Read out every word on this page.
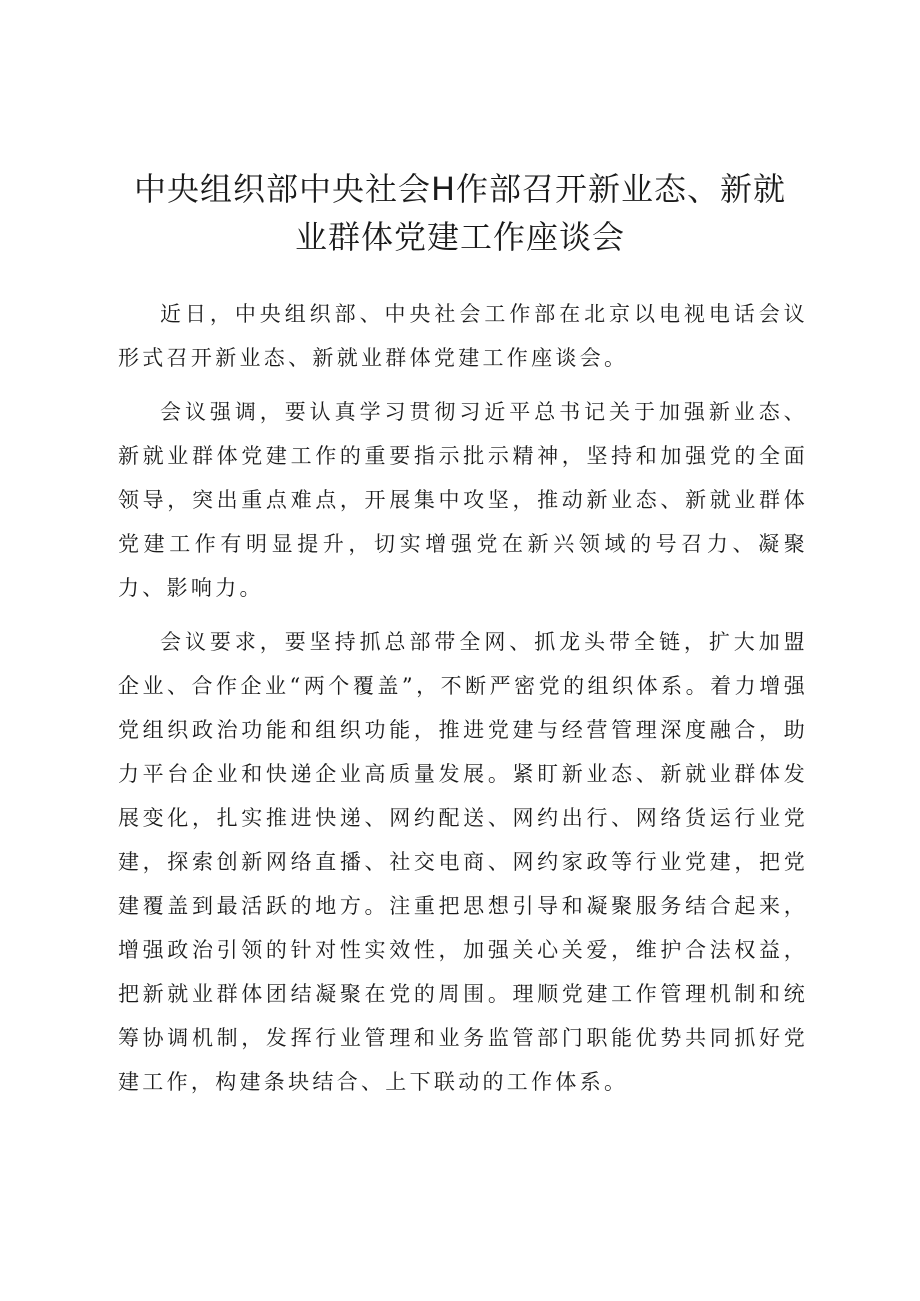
中央组织部中央社会H作部召开新业态、新就
业群体党建工作座谈会

近日，中央组织部、中央社会工作部在北京以电视电话会议形式召开新业态、新就业群体党建工作座谈会。

会议强调，要认真学习贯彻习近平总书记关于加强新业态、新就业群体党建工作的重要指示批示精神，坚持和加强党的全面领导，突出重点难点，开展集中攻坚，推动新业态、新就业群体党建工作有明显提升，切实增强党在新兴领域的号召力、凝聚力、影响力。

会议要求，要坚持抓总部带全网、抓龙头带全链，扩大加盟企业、合作企业“两个覆盖”，不断严密党的组织体系。着力增强党组织政治功能和组织功能，推进党建与经营管理深度融合，助力平台企业和快递企业高质量发展。紧盯新业态、新就业群体发展变化，扎实推进快递、网约配送、网约出行、网络货运行业党建，探索创新网络直播、社交电商、网约家政等行业党建，把党建覆盖到最活跃的地方。注重把思想引导和凝聚服务结合起来，增强政治引领的针对性实效性，加强关心关爱，维护合法权益，把新就业群体团结凝聚在党的周围。理顺党建工作管理机制和统筹协调机制，发挥行业管理和业务监管部门职能优势共同抓好党建工作，构建条块结合、上下联动的工作体系。
